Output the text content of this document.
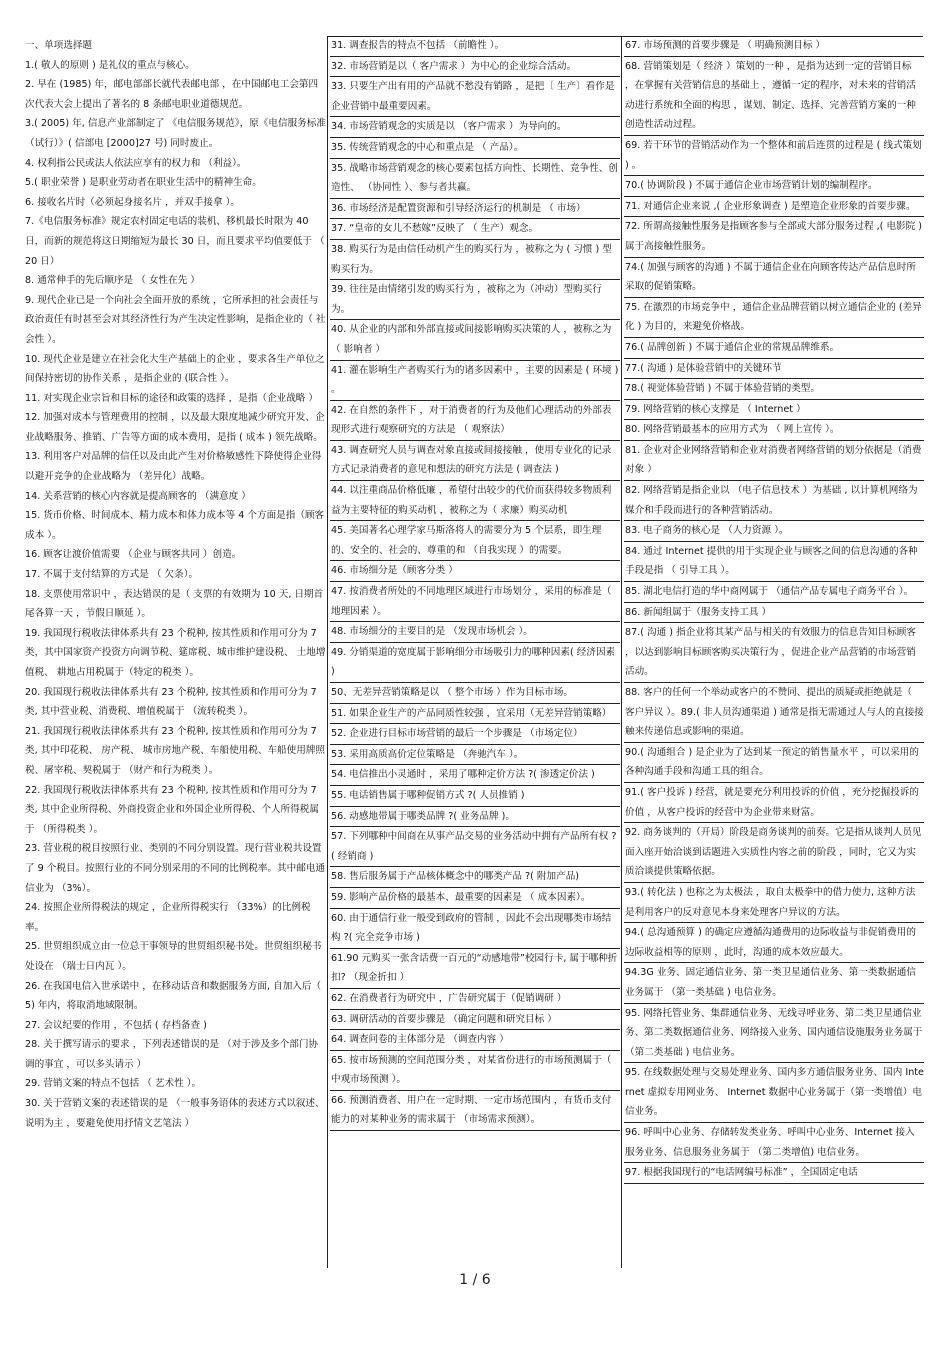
一、单项选择题

1.( 敬人的原则 ) 是礼仪的重点与核心。

2. 早在 (1985) 年，邮电部部长就代表邮电部 ，在中国邮电工会第四次代表大会上提出了著名的 8 条邮电职业道德规范。

3.( 2005) 年, 信息产业部制定了 《电信服务规范》，原《电信服务标准（试行）》( 信部电 [2000]27 号) 同时废止。

4. 权利指公民或法人依法应享有的权力和 （利益）。

5.( 职业荣誉 ) 是职业劳动者在职业生活中的精神生命。

6. 接收名片时（必须起身接名片 ，并双手接拿 ）。

7.《电信服务标准》规定农村固定电话的装机、移机最长时限为 40 日，而新的规范将这日期缩短为最长 30 日，而且要求平均值要低于 （ 20 日）

8. 通常伸手的先后顺序是 （ 女性在先 ）

9. 现代企业已是一个向社会全面开放的系统 ，它所承担的社会责任与政治责任有时甚至会对其经济性行为产生决定性影响，是指企业的（ 社会性 ）。

10. 现代企业是建立在社会化大生产基础上的企业 ，要求各生产单位之间保持密切的协作关系 ，是指企业的 (联合性 ）。

11. 对实现企业宗旨和目标的途径和政策的选择 ，是指（企业战略 ）

12. 加强对成本与管理费用的控制 ，以及最大限度地减少研究开发、企业战略服务、推销、广告等方面的成本费用，是指 ( 成本 ) 领先战略。

13. 利用客户对品牌的信任以及由此产生对价格敏感性下降使得企业得以避开竞争的企业战略为 （差异化）战略。

14. 关系营销的核心内容就是提高顾客的 （满意度 ）

15. 货币价格、时间成本、精力成本和体力成本等 4 个方面是指（顾客成本 ）。

16. 顾客让渡价值需要 （企业与顾客共同 ）创造。

17. 不属于支付结算的方式是 （ 欠条）。

18. 支票使用常识中 ，表达错误的是（ 支票的有效期为 10 天, 日期首尾各算一天 ，节假日顺延 ）。

19. 我国现行税收法律体系共有 23 个税种, 按其性质和作用可分为 7 类，其中国家资产投资方向调节税、筵席税、城市维护建设税、 土地增值税、 耕地占用税属于（特定的税类 ）。

20. 我国现行税收法律体系共有 23 个税种, 按其性质和作用可分为 7 类, 其中营业税、消费税、增值税属于 （流转税类 ）。

21. 我国现行税收法律体系共有 23 个税种, 按其性质和作用可分为 7 类, 其中印花税、 房产税、 城市房地产税、车船使用税、车船使用牌照税、屠宰税、契税属于 （财产和行为税类 ）。

22. 我国现行税收法律体系共有 23 个税种, 按其性质和作用可分为 7 类, 其中企业所得税、外商投资企业和外国企业所得税、个人所得税属于 （所得税类 ）。

23. 营业税的税目按照行业、类别的不同分别设置。现行营业税共设置了 9 个税目。按照行业的不同分别采用的不同的比例税率。其中邮电通信业为 （3%）。

24. 按照企业所得税法的规定 ，企业所得税实行 （33%）的比例税率。

25. 世贸组织成立由一位总干事领导的世贸组织秘书处。世贸组织秘书处设在 （瑞士日内瓦 ）。

26. 在我国电信入世承诺中 ，在移动话音和数据服务方面, 自加入后（ 5) 年内，将取消地域限制。

27. 会议纪要的作用 ，不包括 ( 存档备查 )

28. 关于撰写请示的要求 ，下列表述错误的是 （对于涉及多个部门协调的事宜 ，可以多头请示 ）

29. 营销文案的特点不包括 （ 艺术性 ）。

30. 关于营销文案的表述错误的是 （一般事务语体的表述方式以叙述、说明为主 ，要避免使用抒情文艺笔法 ）

31. 调查报告的特点不包括 （前瞻性 ）。

32. 市场营销是以（ 客户需求 ）为中心的企业综合活动。

33. 只要生产出有用的产品就不愁没有销路 ，是把〔 生产〕看作是企业营销中最重要因素。

34. 市场营销观念的实质是以 （客户需求 ）为导向的。

35. 传统营销观念的中心和重点是 （ 产品）。

35. 战略市场营销观念的核心要素包括方向性、长期性、竞争性、创造性、 （协同性 ）、参与者共赢。

36. 市场经济是配置资源和引导经济运行的机制是 （ 市场）

37. “皇帝的女儿不愁嫁”反映了 （ 生产）观念。

38. 购买行为是由信任动机产生的购买行为 ，被称之为 ( 习惯 ) 型购买行为。

39. 往往是由情绪引发的购买行为 ，被称之为（冲动）型购买行为。

40. 从企业的内部和外部直接或间接影响购买决策的人 ，被称之为（ 影响者 ）

41. 灌在影响生产者购买行为的诸多因素中 ，主要的因素是 ( 环境 ) 。

42. 在自然的条件下 ，对于消费者的行为及他们心理活动的外部表现形式进行观察研究的方法是 （ 观察法）

43. 调查研究人员与调查对象直接或间接接触 ，使用专业化的记录方式记录消费者的意见和想法的研究方法是 ( 调查法 )

44. 以注重商品价格低廉 ，希望付出较少的代价而获得较多物质利益为主要特征的购买动机 ，被称之为（ 求廉）购买动机

45. 美国著名心理学家马斯洛将人的需要分为 5 个层系，即生理的、安全的、社会的、尊重的和 （自我实现 ）的需要。

46. 市场细分是（顾客分类 ）

47. 按消费者所处的不同地理区域进行市场划分 ，采用的标准是（ 地理因素 ）。

48. 市场细分的主要目的是 （发现市场机会 ）。

49. 分销渠道的宽度属于影响细分市场吸引力的哪种因素( 经济因素 )

50、无差异营销策略是以 （ 整个市场 ）作为目标市场。

51. 如果企业生产的产品同质性较强 ，宜采用（无差异营销策略）

52. 企业进行目标市场营销的最后一个步骤是 （市场定位）

53. 采用高质高价定位策略是 （奔驰汽车 ）。

54. 电信推出小灵通时 ，采用了哪种定价方法 ?( 渗透定价法 )

55. 电话销售属于哪种促销方式 ?( 人员推销 )

56. 动感地带属于哪类品牌 ?( 业务品牌 )。

57. 下列哪种中间商在从事产品交易的业务活动中拥有产品所有权 ?( 经销商 )

58. 售后服务属于产品核体概念中的哪类产品 ?( 附加产品)

59. 影响产品价格的最基本、最重要的因素是 （ 成本因素）。

60. 由于通信行业一般受到政府的管制 ，因此不会出现哪类市场结构 ?( 完全竞争市场 )

61.90 元购买一张含话费一百元的“动感地带”校园行卡, 属于哪种折扣? （现金折扣 ）

62. 在消费者行为研究中 ，广告研究属于（促销调研 ）

63. 调研活动的首要步骤是 （确定问题和研究目标 ）

64. 调查问卷的主体部分是 （调查内容 ）

65. 按市场预测的空间范围分类 ，对某省份进行的市场预测属于（ 中观市场预测 ）。

66. 预测消费者、用户在一定时期、一定市场范围内 ，有货币支付能力的对某种业务的需求属于 （市场需求预测）。

67. 市场预测的首要步骤是 （ 明确预测目标 ）

68. 营销策划是（ 经济 ）策划的一种 ，是指为达到一定的营销目标 ，在掌握有关营销信息的基础上 ，遵循一定的程序，对未来的营销活动进行系统和全面的构思 ，谋划、制定、选择、完善营销方案的一种创造性活动过程。

69. 若干环节的营销活动作为一个整体和前后连贯的过程是 ( 线式策划 ) 。

70.( 协调阶段 ) 不属于通信企业市场营销计划的编制程序。

71. 对通信企业来说 ,( 企业形象调查 ) 是塑造企业形象的首要步骤。

72. 所谓高接触性服务是指顾客参与全部或大部分服务过程 ,( 电影院 ) 属于高接触性服务。

74.( 加强与顾客的沟通 ) 不属于通信企业在向顾客传达产品信息时所采取的促销策略。

75. 在激烈的市场竞争中 ，通信企业品牌营销以树立通信企业的 (差异化 ) 为目的，来避免价格战。

76.( 品牌创新 ) 不属于通信企业的常规品牌维系。

77.( 沟通 ) 是体验营销中的关键环节

78.( 视觉体验营销 ) 不属于体验营销的类型。

79. 网络营销的核心支撑是 （ Internet ）

80. 网络营销最基本的应用方式为 （ 网上宣传 ）。

81. 企业对企业网络营销和企业对消费者网络营销的划分依据是（消费对象 ）

82. 网络营销是指企业以 （电子信息技术 ）为基础 , 以计算机网络为媒介和手段而进行的各种营销活动。

83. 电子商务的核心是 （人力资源 ）。

84. 通过 Internet 提供的用于实现企业与顾客之间的信息沟通的各种手段是指 （ 引导工具 ）。

85. 湖北电信打造的华中商网属于 （通信产品专属电子商务平台 ）。

86. 新闻组属于（服务支持工具 ）

87.( 沟通 ) 指企业将其某产品与相关的有效服力的信息告知目标顾客 ，以达到影响目标顾客购买决策行为 ，促进企业产品营销的市场营销活动。

88. 客户的任何一个举动或客户的不赞同、提出的质疑或拒绝就是（ 客户异议 ）。89.( 非人员沟通渠道 ) 通常是指无需通过人与人的直接接触来传递信息或影响的渠道。

90.( 沟通组合 ) 是企业为了达到某一预定的销售量水平 ，可以采用的各种沟通手段和沟通工具的组合。

91.( 客户投诉 ) 经营，就是要充分利用投诉的价值 ，充分挖掘投诉的价值 ，从客户投诉的经营中为企业带来财富。

92. 商务谈判的（开局）阶段是商务谈判的前奏。它是指从谈判人员见面入座开始洽谈到话题进入实质性内容之前的阶段 ，同时，它又为实质洽谈提供策略依据。

93.( 转化法 ) 也称之为太极法 ，取自太极拳中的借力使力, 这种方法是利用客户的反对意见本身来处理客户异议的方法。

94.( 总沟通预算 ) 的确定应遵循沟通费用的边际收益与非促销费用的边际收益相等的原则 ，此时，沟通的成本效应最大。

94.3G 业务、固定通信业务、第一类卫星通信业务、第一类数据通信业务属于 （第一类基础 ) 电信业务。

95. 网络托管业务、集群通信业务、无线寻呼业务、第二类卫星通信业务、第二类数据通信业务、网络接入业务、国内通信设施服务业务属于 （第二类基础 ) 电信业务。

95. 在线数据处理与交易处理业务、国内多方通信服务业务、国内 Internet 虚拟专用网业务、 Internet 数据中心业务属于（第一类增值）电信业务。

96. 呼叫中心业务、存储转发类业务、呼叫中心业务、Internet 接入服务业务、信息服务业务属于 （第二类增值) 电信业务。

97. 根据我国现行的“电话网编号标准” ，全国固定电话

1 / 6
